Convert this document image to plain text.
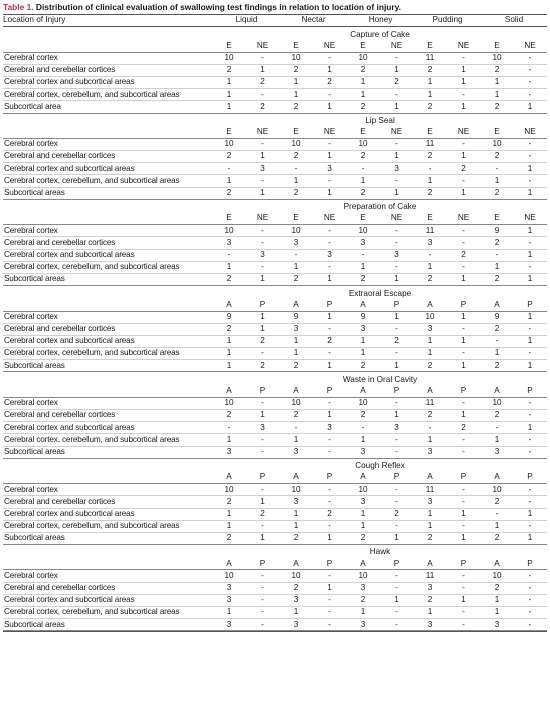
Table 1. Distribution of clinical evaluation of swallowing test findings in relation to location of injury.
Location of Injury	Liquid		Nectar		Honey		Pudding		Solid	
	Capture of Cake									
	E	NE	E	NE	E	NE	E	NE	E	NE
Cerebral cortex	10	-	10	-	10	-	11	-	10	-
Cerebral and cerebellar cortices	2	1	2	1	2	1	2	1	2	-
Cerebral cortex and subcortical areas	1	2	1	2	1	2	1	1	1	-
Cerebral cortex, cerebellum, and subcortical areas	1	-	1	-	1	-	1	-	1	-
Subcortical area	1	2	2	1	2	1	2	1	2	1
	Lip Seal									
	E	NE	E	NE	E	NE	E	NE	E	NE
Cerebral cortex	10	-	10	-	10	-	11	-	10	-
Cerebral and cerebellar cortices	2	1	2	1	2	1	2	1	2	-
Cerebral cortex and subcortical areas	-	3	-	3	-	3	-	2	-	1
Cerebral cortex, cerebellum, and subcortical areas	1	-	1	-	1	-	1	-	1	-
Subcortical areas	2	1	2	1	2	1	2	1	2	1
	Preparation of Cake									
	E	NE	E	NE	E	NE	E	NE	E	NE
Cerebral cortex	10	-	10	-	10	-	11	-	9	1
Cerebral and cerebellar cortices	3	-	3	-	3	-	3	-	2	-
Cerebral cortex and subcortical areas	-	3	-	3	-	3	-	2	-	1
Cerebral cortex, cerebellum, and subcortical areas	1	-	1	-	1	-	1	-	1	-
Subcortical areas	2	1	2	1	2	1	2	1	2	1
	Extraoral Escape									
	A	P	A	P	A	P	A	P	A	P
Cerebral cortex	9	1	9	1	9	1	10	1	9	1
Cerebral and cerebellar cortices	2	1	3	-	3	-	3	-	2	-
Cerebral cortex and subcortical areas	1	2	1	2	1	2	1	1	-	1
Cerebral cortex, cerebellum, and subcortical areas	1	-	1	-	1	-	1	-	1	-
Subcortical areas	1	2	2	1	2	1	2	1	2	1
	Waste in Oral Cavity									
	A	P	A	P	A	P	A	P	A	P
Cerebral cortex	10	-	10	-	10	-	11	-	10	-
Cerebral and cerebellar cortices	2	1	2	1	2	1	2	1	2	-
Cerebral cortex and subcortical areas	-	3	-	3	-	3	-	2	-	1
Cerebral cortex, cerebellum, and subcortical areas	1	-	1	-	1	-	1	-	1	-
Subcortical areas	3	-	3	-	3	-	3	-	3	-
	Cough Reflex									
	A	P	A	P	A	P	A	P	A	P
Cerebral cortex	10	-	10	-	10	-	11	-	10	-
Cerebral and cerebellar cortices	2	1	3	-	3	-	3	-	2	-
Cerebral cortex and subcortical areas	1	2	1	2	1	2	1	1	-	1
Cerebral cortex, cerebellum, and subcortical areas	1	-	1	-	1	-	1	-	1	-
Subcortical areas	2	1	2	1	2	1	2	1	2	1
	Hawk									
	A	P	A	P	A	P	A	P	A	P
Cerebral cortex	10	-	10	-	10	-	11	-	10	-
Cerebral and cerebellar cortices	3	-	2	1	3	-	3	-	2	-
Cerebral cortex and subcortical areas	3	-	3	-	2	1	2	1	1	-
Cerebral cortex, cerebellum, and subcortical areas	1	-	1	-	1	-	1	-	1	-
Subcortical areas	3	-	3	-	3	-	3	-	3	-
